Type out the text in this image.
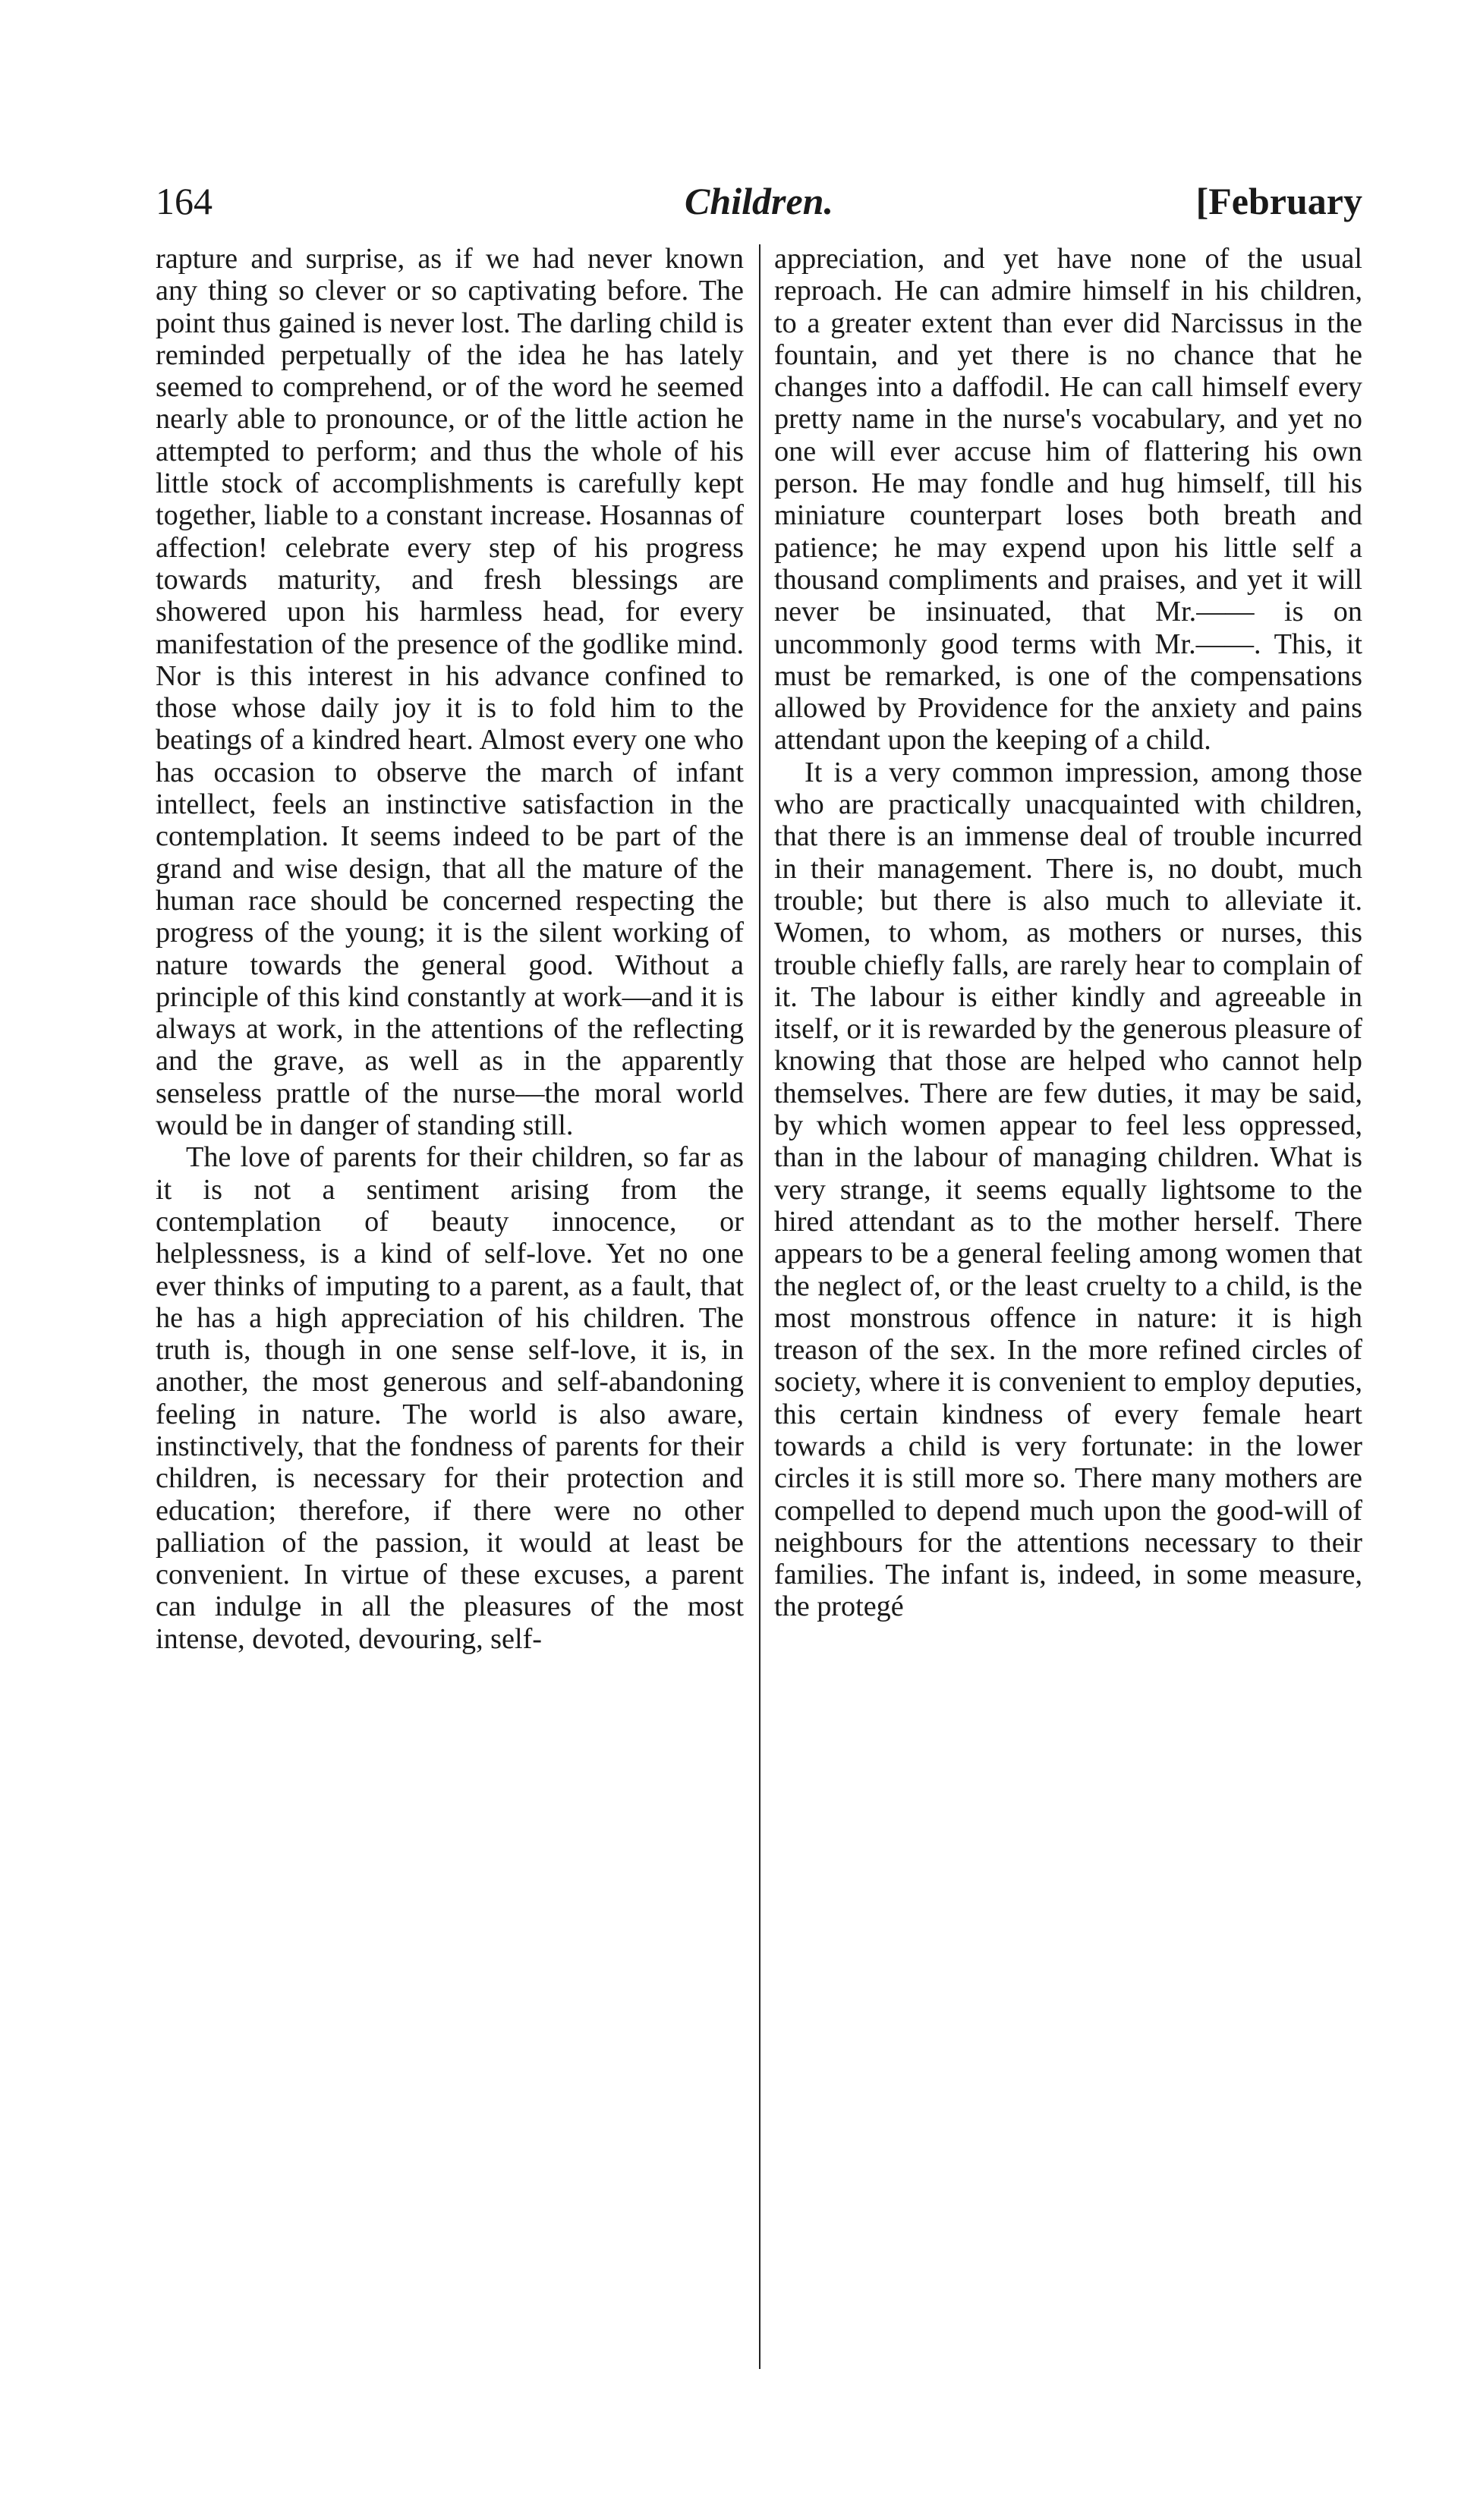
164	Children.	[February

rapture and surprise, as if we had never known any thing so clever or so captivating before. The point thus gained is never lost. The darling child is reminded perpetually of the idea he has lately seemed to comprehend, or of the word he seemed nearly able to pronounce, or of the little action he attempted to perform; and thus the whole of his little stock of accomplishments is carefully kept together, liable to a constant increase. Hosannas of affection! celebrate every step of his progress towards maturity, and fresh blessings are showered upon his harmless head, for every manifestation of the presence of the godlike mind. Nor is this interest in his advance confined to those whose daily joy it is to fold him to the beatings of a kindred heart. Almost every one who has occasion to observe the march of infant intellect, feels an instinctive satisfaction in the contemplation. It seems indeed to be part of the grand and wise design, that all the mature of the human race should be concerned respecting the progress of the young; it is the silent working of nature towards the general good. Without a principle of this kind constantly at work—and it is always at work, in the attentions of the reflecting and the grave, as well as in the apparently senseless prattle of the nurse—the moral world would be in danger of standing still.

The love of parents for their children, so far as it is not a sentiment arising from the contemplation of beauty innocence, or helplessness, is a kind of self-love. Yet no one ever thinks of imputing to a parent, as a fault, that he has a high appreciation of his children. The truth is, though in one sense self-love, it is, in another, the most generous and self-abandoning feeling in nature. The world is also aware, instinctively, that the fondness of parents for their children, is necessary for their protection and education; therefore, if there were no other palliation of the passion, it would at least be convenient. In virtue of these excuses, a parent can indulge in all the pleasures of the most intense, devoted, devouring, self-

appreciation, and yet have none of the usual reproach. He can admire himself in his children, to a greater extent than ever did Narcissus in the fountain, and yet there is no chance that he changes into a daffodil. He can call himself every pretty name in the nurse's vocabulary, and yet no one will ever accuse him of flattering his own person. He may fondle and hug himself, till his miniature counterpart loses both breath and patience; he may expend upon his little self a thousand compliments and praises, and yet it will never be insinuated, that Mr.—— is on uncommonly good terms with Mr.——. This, it must be remarked, is one of the compensations allowed by Providence for the anxiety and pains attendant upon the keeping of a child.

It is a very common impression, among those who are practically unacquainted with children, that there is an immense deal of trouble incurred in their management. There is, no doubt, much trouble; but there is also much to alleviate it. Women, to whom, as mothers or nurses, this trouble chiefly falls, are rarely hear to complain of it. The labour is either kindly and agreeable in itself, or it is rewarded by the generous pleasure of knowing that those are helped who cannot help themselves. There are few duties, it may be said, by which women appear to feel less oppressed, than in the labour of managing children. What is very strange, it seems equally lightsome to the hired attendant as to the mother herself. There appears to be a general feeling among women that the neglect of, or the least cruelty to a child, is the most monstrous offence in nature: it is high treason of the sex. In the more refined circles of society, where it is convenient to employ deputies, this certain kindness of every female heart towards a child is very fortunate: in the lower circles it is still more so. There many mothers are compelled to depend much upon the good-will of neighbours for the attentions necessary to their families. The infant is, indeed, in some measure, the protegé
